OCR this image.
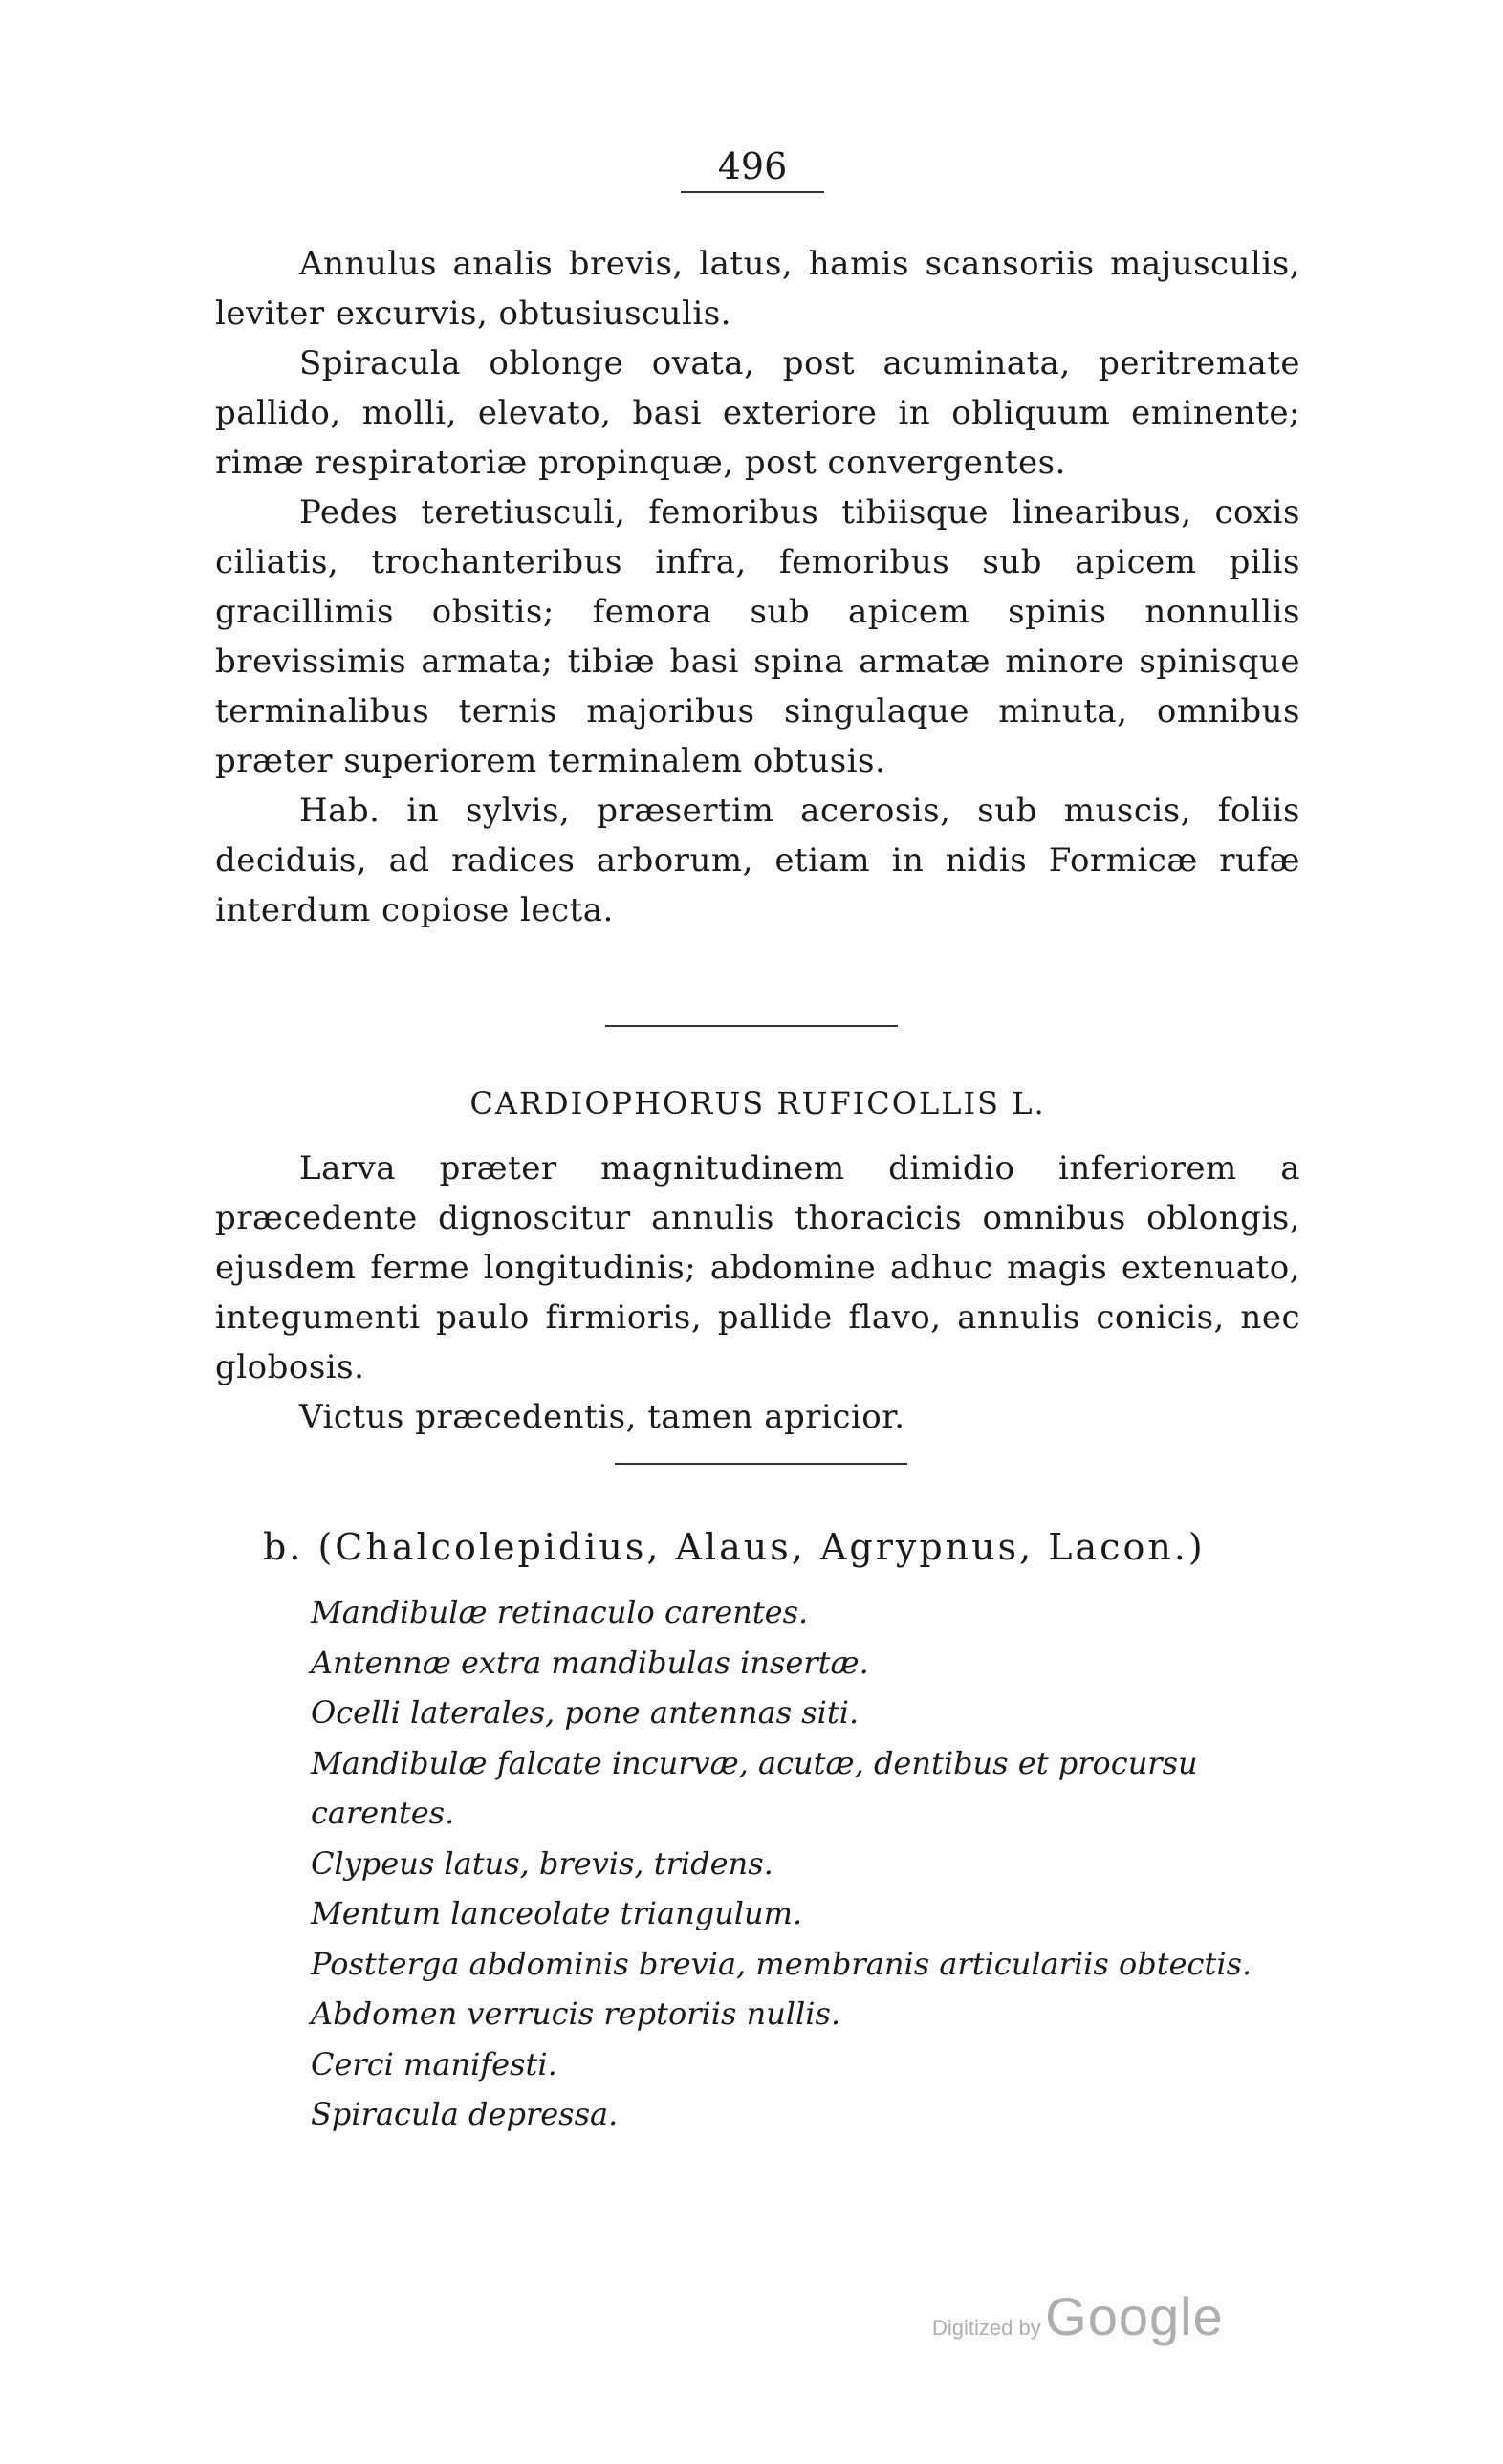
496

Annulus analis brevis, latus, hamis scansoriis majusculis, leviter excurvis, obtusiusculis.

Spiracula oblonge ovata, post acuminata, peritremate pallido, molli, elevato, basi exteriore in obliquum eminente; rimæ respiratoriæ propinquæ, post convergentes.

Pedes teretiusculi, femoribus tibiisque linearibus, coxis ciliatis, trochanteribus infra, femoribus sub apicem pilis gracillimis obsitis; femora sub apicem spinis nonnullis brevissimis armata; tibiæ basi spina armatæ minore spinisque terminalibus ternis majoribus singulaque minuta, omnibus præter superiorem terminalem obtusis.

Hab. in sylvis, præsertim acerosis, sub muscis, foliis deciduis, ad radices arborum, etiam in nidis Formicæ rufæ interdum copiose lecta.

CARDIOPHORUS RUFICOLLIS L.

Larva præter magnitudinem dimidio inferiorem a præcedente dignoscitur annulis thoracicis omnibus oblongis, ejusdem ferme longitudinis; abdomine adhuc magis extenuato, integumenti paulo firmioris, pallide flavo, annulis conicis, nec globosis.

Victus præcedentis, tamen apricior.

b. (Chalcolepidius, Alaus, Agrypnus, Lacon.)

Mandibulæ retinaculo carentes.

Antennæ extra mandibulas insertæ.

Ocelli laterales, pone antennas siti.

Mandibulæ falcate incurvæ, acutæ, dentibus et procursu carentes.

Clypeus latus, brevis, tridens.

Mentum lanceolate triangulum.

Postterga abdominis brevia, membranis articulariis obtectis.

Abdomen verrucis reptoriis nullis.

Cerci manifesti.

Spiracula depressa.

Digitized by Google
